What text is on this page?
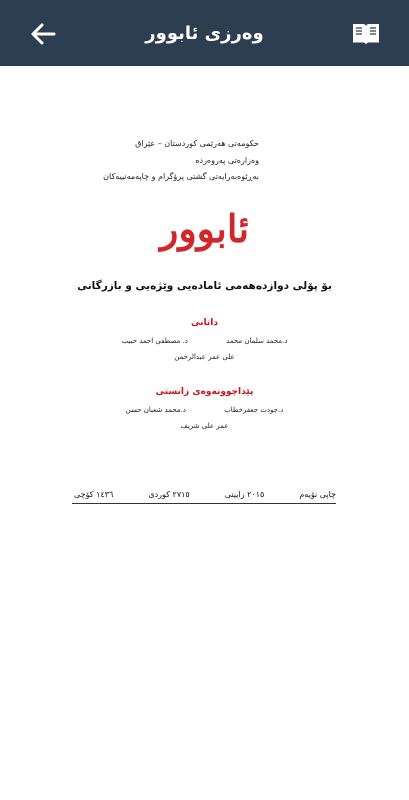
وەرزی ئابوور
حکومەتی هەرێمی کوردستان – عێراق
وەزارەتی پەروەردە
بەڕێوەبەرایەتی گشتی پرۆگرام و چاپەمەنییەکان
ئابوور
بۆ پۆلی دوازدەهەمی ئامادەیی وێژەیی و بازرگانی
دانانی
د.محمد سلمان محمد د. مصطفى احمد حبيب
علی عمر عبدالرحمن
پێداچوونەوەی زانستی
د.جودت جعفرخطاب د.محمد شعبان حسن
عمر علی شريف
چاپی نۆیەم
٢٠١٥ زایینی
٢٧١٥ کوردی
١٤٣٦ کۆچی
